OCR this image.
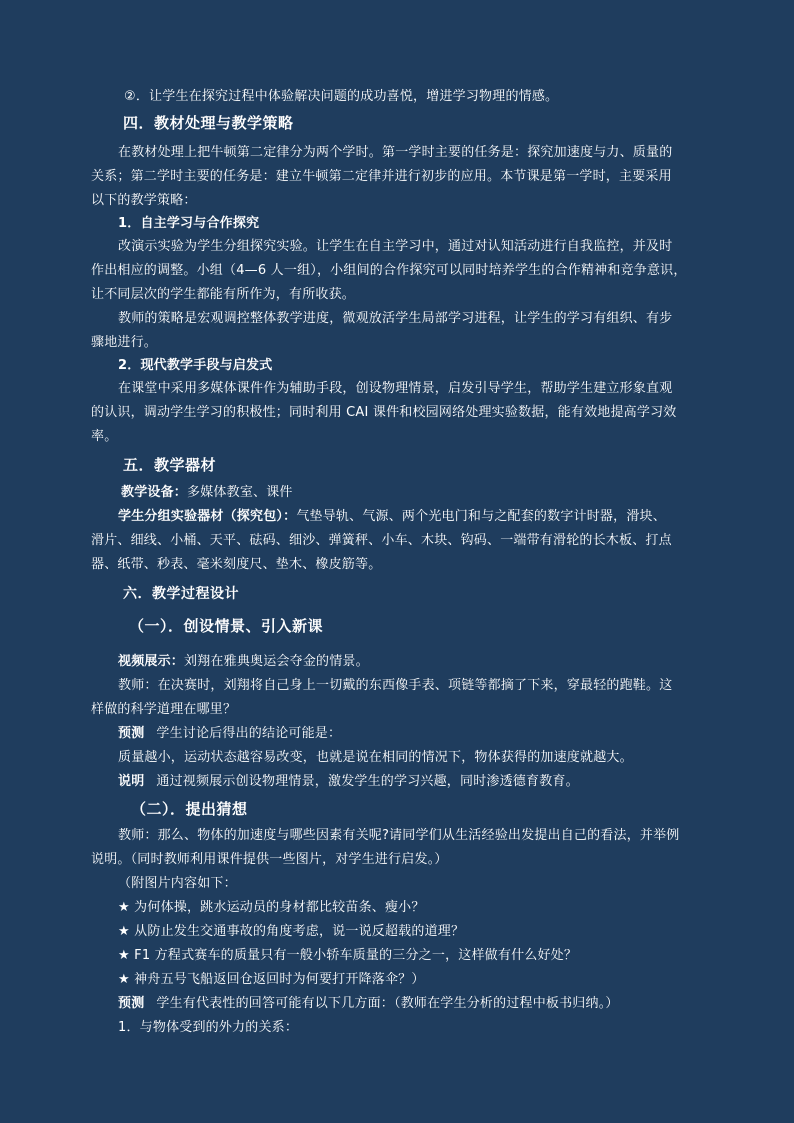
②．让学生在探究过程中体验解决问题的成功喜悦，增进学习物理的情感。
四．教材处理与教学策略
在教材处理上把牛顿第二定律分为两个学时。第一学时主要的任务是：探究加速度与力、质量的
关系；第二学时主要的任务是：建立牛顿第二定律并进行初步的应用。本节课是第一学时，主要采用
以下的教学策略：
1．自主学习与合作探究
改演示实验为学生分组探究实验。让学生在自主学习中，通过对认知活动进行自我监控，并及时
作出相应的调整。小组（4—6 人一组），小组间的合作探究可以同时培养学生的合作精神和竞争意识，
让不同层次的学生都能有所作为，有所收获。
教师的策略是宏观调控整体教学进度，微观放活学生局部学习进程，让学生的学习有组织、有步
骤地进行。
2．现代教学手段与启发式
在课堂中采用多媒体课件作为辅助手段，创设物理情景，启发引导学生，帮助学生建立形象直观
的认识，调动学生学习的积极性；同时利用 CAI 课件和校园网络处理实验数据，能有效地提高学习效
率。
五．教学器材
教学设备：多媒体教室、课件
学生分组实验器材（探究包）：气垫导轨、气源、两个光电门和与之配套的数字计时器，滑块、
滑片、细线、小桶、天平、砝码、细沙、弹簧秤、小车、木块、钩码、一端带有滑轮的长木板、打点
器、纸带、秒表、毫米刻度尺、垫木、橡皮筋等。
六．教学过程设计
（一）．创设情景、引入新课
视频展示：刘翔在雅典奥运会夺金的情景。
教师：在决赛时，刘翔将自己身上一切戴的东西像手表、项链等都摘了下来，穿最轻的跑鞋。这
样做的科学道理在哪里？
预测 学生讨论后得出的结论可能是：
质量越小，运动状态越容易改变，也就是说在相同的情况下，物体获得的加速度就越大。
说明 通过视频展示创设物理情景，激发学生的学习兴趣，同时渗透德育教育。
（二）．提出猜想
教师：那么、物体的加速度与哪些因素有关呢?请同学们从生活经验出发提出自己的看法，并举例
说明。（同时教师利用课件提供一些图片，对学生进行启发。）
（附图片内容如下：
★ 为何体操，跳水运动员的身材都比较苗条、瘦小？
★ 从防止发生交通事故的角度考虑，说一说反超载的道理？
★ F1 方程式赛车的质量只有一般小轿车质量的三分之一，这样做有什么好处？
★ 神舟五号飞船返回仓返回时为何要打开降落伞？）
预测 学生有代表性的回答可能有以下几方面：（教师在学生分析的过程中板书归纳。）
1．与物体受到的外力的关系：
